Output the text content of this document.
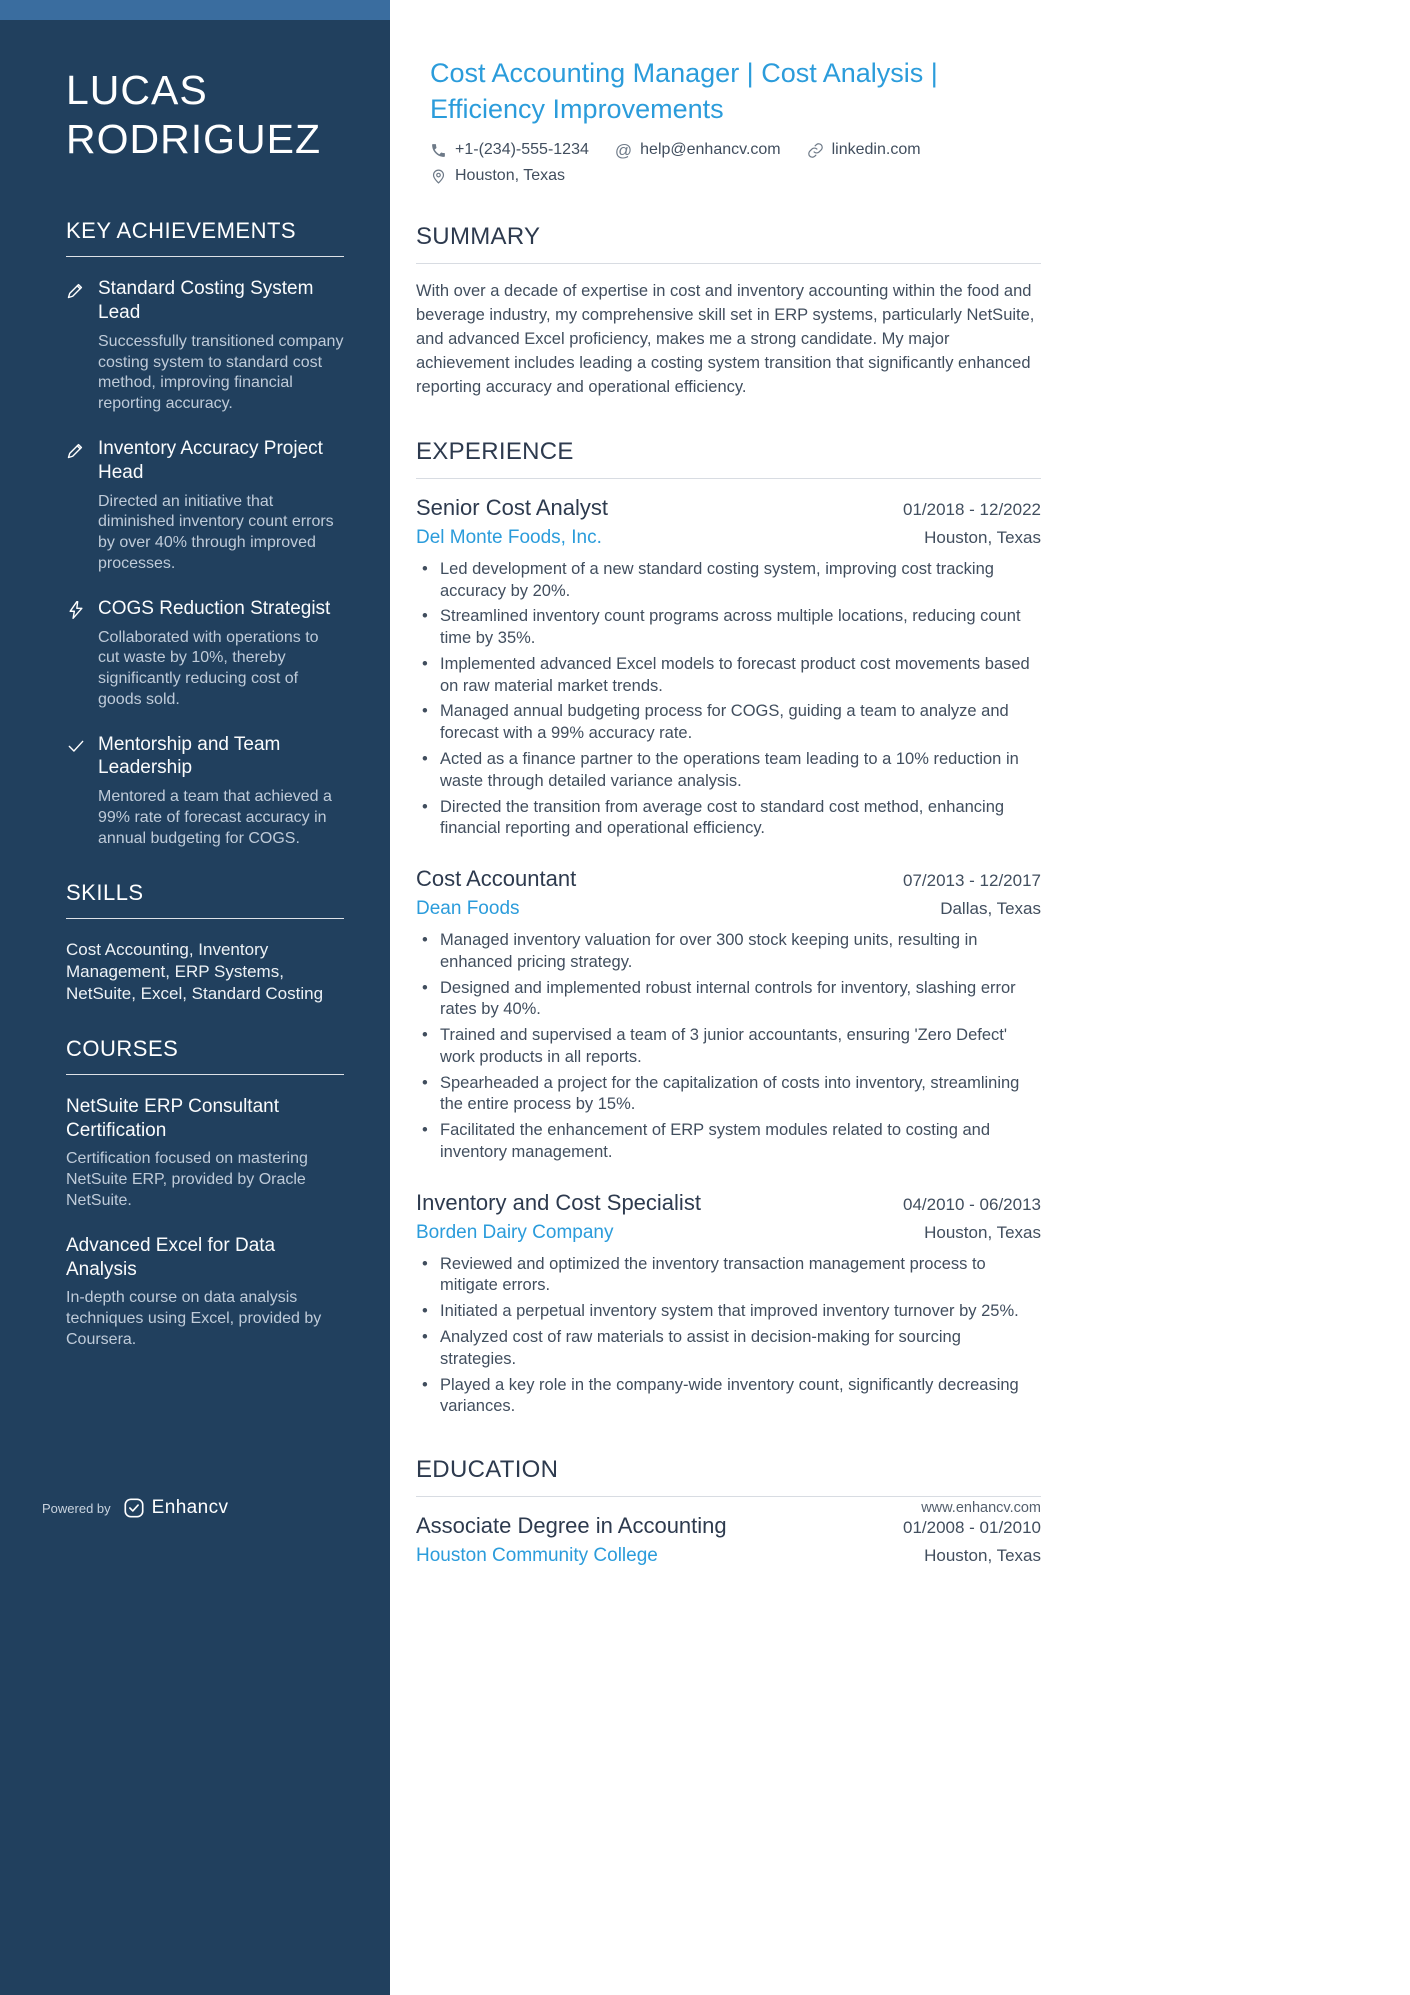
LUCAS RODRIGUEZ
KEY ACHIEVEMENTS
Standard Costing System Lead
Successfully transitioned company costing system to standard cost method, improving financial reporting accuracy.
Inventory Accuracy Project Head
Directed an initiative that diminished inventory count errors by over 40% through improved processes.
COGS Reduction Strategist
Collaborated with operations to cut waste by 10%, thereby significantly reducing cost of goods sold.
Mentorship and Team Leadership
Mentored a team that achieved a 99% rate of forecast accuracy in annual budgeting for COGS.
SKILLS
Cost Accounting, Inventory Management, ERP Systems, NetSuite, Excel, Standard Costing
COURSES
NetSuite ERP Consultant Certification
Certification focused on mastering NetSuite ERP, provided by Oracle NetSuite.
Advanced Excel for Data Analysis
In-depth course on data analysis techniques using Excel, provided by Coursera.
Powered by Enhancv
Cost Accounting Manager | Cost Analysis | Efficiency Improvements
+1-(234)-555-1234 @ help@enhancv.com	linkedin.com
Houston, Texas
SUMMARY

With over a decade of expertise in cost and inventory accounting within the food and beverage industry, my comprehensive skill set in ERP systems, particularly NetSuite, and advanced Excel proficiency, makes me a strong candidate. My major achievement includes leading a costing system transition that significantly enhanced reporting accuracy and operational efficiency.

EXPERIENCE
Senior Cost Analyst	01/2018 - 12/2022
Del Monte Foods, Inc.	Houston, Texas
• Led development of a new standard costing system, improving cost tracking accuracy by 20%.
• Streamlined inventory count programs across multiple locations, reducing count time by 35%.
• Implemented advanced Excel models to forecast product cost movements based on raw material market trends.
• Managed annual budgeting process for COGS, guiding a team to analyze and forecast with a 99% accuracy rate.
• Acted as a finance partner to the operations team leading to a 10% reduction in waste through detailed variance analysis.
• Directed the transition from average cost to standard cost method, enhancing financial reporting and operational efficiency.
Cost Accountant	07/2013 - 12/2017
Dean Foods	Dallas, Texas
• Managed inventory valuation for over 300 stock keeping units, resulting in enhanced pricing strategy.
• Designed and implemented robust internal controls for inventory, slashing error rates by 40%.
• Trained and supervised a team of 3 junior accountants, ensuring 'Zero Defect' work products in all reports.
• Spearheaded a project for the capitalization of costs into inventory, streamlining the entire process by 15%.
• Facilitated the enhancement of ERP system modules related to costing and inventory management.
Inventory and Cost Specialist	04/2010 - 06/2013
Borden Dairy Company	Houston, Texas
• Reviewed and optimized the inventory transaction management process to mitigate errors.
• Initiated a perpetual inventory system that improved inventory turnover by 25%.
• Analyzed cost of raw materials to assist in decision-making for sourcing strategies.
• Played a key role in the company-wide inventory count, significantly decreasing variances.
EDUCATION
Associate Degree in Accounting	01/2008 - 01/2010
Houston Community College	Houston, Texas
www.enhancv.com
